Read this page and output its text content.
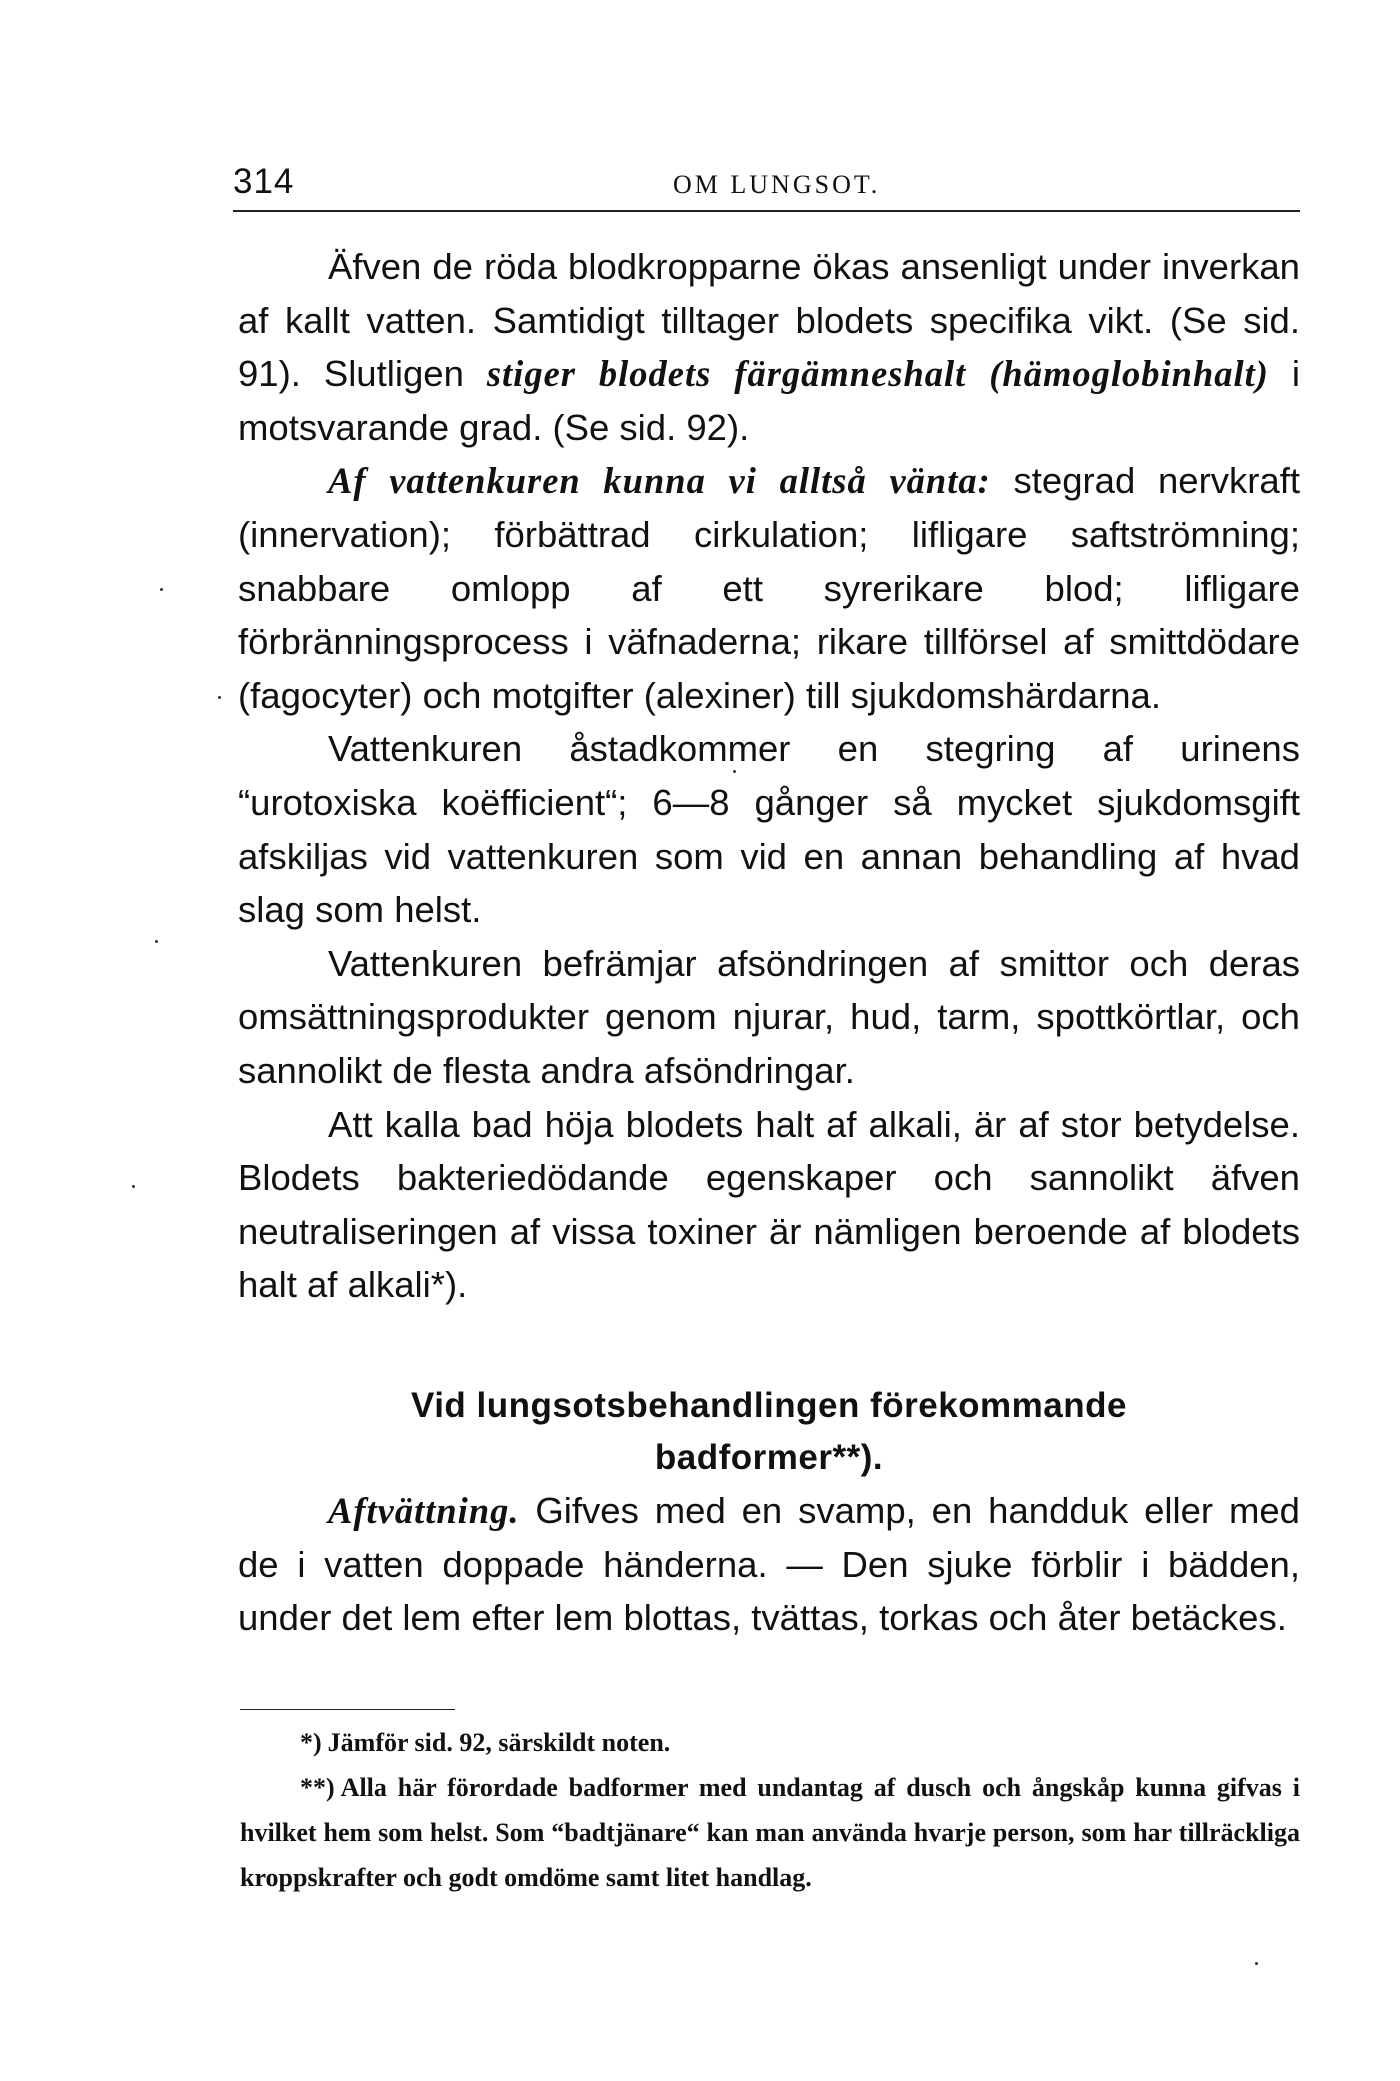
314	OM LUNGSOT.

Äfven de röda blodkropparne ökas ansenligt under inverkan af kallt vatten. Samtidigt tilltager blodets specifika vikt. (Se sid. 91). Slutligen stiger blodets färgämneshalt (hämoglobinhalt) i motsvarande grad. (Se sid. 92).

Af vattenkuren kunna vi alltså vänta: stegrad nervkraft (innervation); förbättrad cirkulation; lifligare saftströmning; snabbare omlopp af ett syrerikare blod; lifligare förbränningsprocess i väfnaderna; rikare tillförsel af smittdödare (fagocyter) och motgifter (alexiner) till sjukdomshärdarna.

Vattenkuren åstadkommer en stegring af urinens “urotoxiska koëfficient“; 6—8 gånger så mycket sjukdomsgift afskiljas vid vattenkuren som vid en annan behandling af hvad slag som helst.

Vattenkuren befrämjar afsöndringen af smittor och deras omsättningsprodukter genom njurar, hud, tarm, spottkörtlar, och sannolikt de flesta andra afsöndringar.

Att kalla bad höja blodets halt af alkali, är af stor betydelse. Blodets bakteriedödande egenskaper och sannolikt äfven neutraliseringen af vissa toxiner är nämligen beroende af blodets halt af alkali*).

Vid lungsotsbehandlingen förekommande
badformer**).

Aftvättning. Gifves med en svamp, en handduk eller med de i vatten doppade händerna. — Den sjuke förblir i bädden, under det lem efter lem blottas, tvättas, torkas och åter betäckes.

*) Jämför sid. 92, särskildt noten.

**) Alla här förordade badformer med undantag af dusch och ångskåp kunna gifvas i hvilket hem som helst. Som “badtjänare“ kan man använda hvarje person, som har tillräckliga kroppskrafter och godt omdöme samt litet handlag.
